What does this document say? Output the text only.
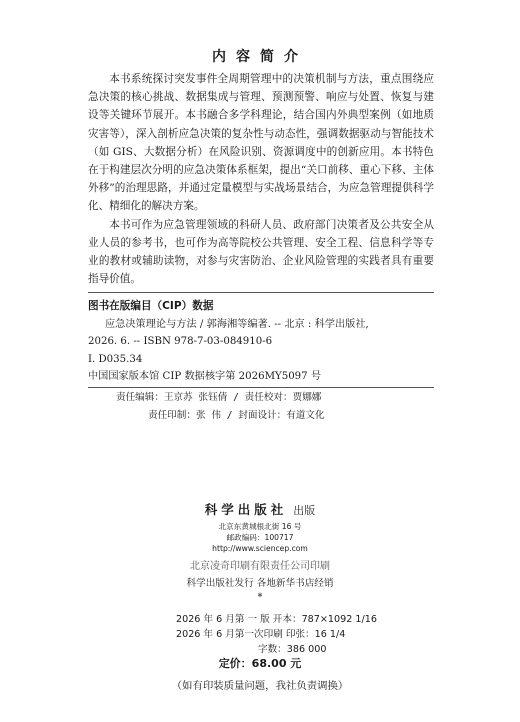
内容简介

本书系统探讨突发事件全周期管理中的决策机制与方法，重点围绕应急决策的核心挑战、数据集成与管理、预测预警、响应与处置、恢复与建设等关键环节展开。本书融合多学科理论，结合国内外典型案例（如地质灾害等），深入剖析应急决策的复杂性与动态性，强调数据驱动与智能技术（如 GIS、大数据分析）在风险识别、资源调度中的创新应用。本书特色在于构建层次分明的应急决策体系框架，提出“关口前移、重心下移、主体外移”的治理思路，并通过定量模型与实战场景结合，为应急管理提供科学化、精细化的解决方案。

本书可作为应急管理领域的科研人员、政府部门决策者及公共安全从业人员的参考书，也可作为高等院校公共管理、安全工程、信息科学等专业的教材或辅助读物，对参与灾害防治、企业风险管理的实践者具有重要指导价值。

图书在版编目（CIP）数据
应急决策理论与方法 / 郭海湘等编著. -- 北京 : 科学出版社,
2026. 6. -- ISBN 978-7-03-084910-6
Ⅰ. D035.34
中国国家版本馆 CIP 数据核字第 2026MY5097 号
责任编辑：王京苏 张钰倩 / 责任校对：贾娜娜
责任印制：张 伟 / 封面设计：有道文化
科学出版社 出版
北京东黄城根北街 16 号
邮政编码：100717
http://www.sciencep.com
北京凌奇印刷有限责任公司印刷
科学出版社发行 各地新华书店经销
*
2026 年 6 月第 一 版 开本：787×1092 1/16
2026 年 6 月第一次印刷 印张：16 1/4
字数：386 000
定价：68.00 元
（如有印装质量问题，我社负责调换）
